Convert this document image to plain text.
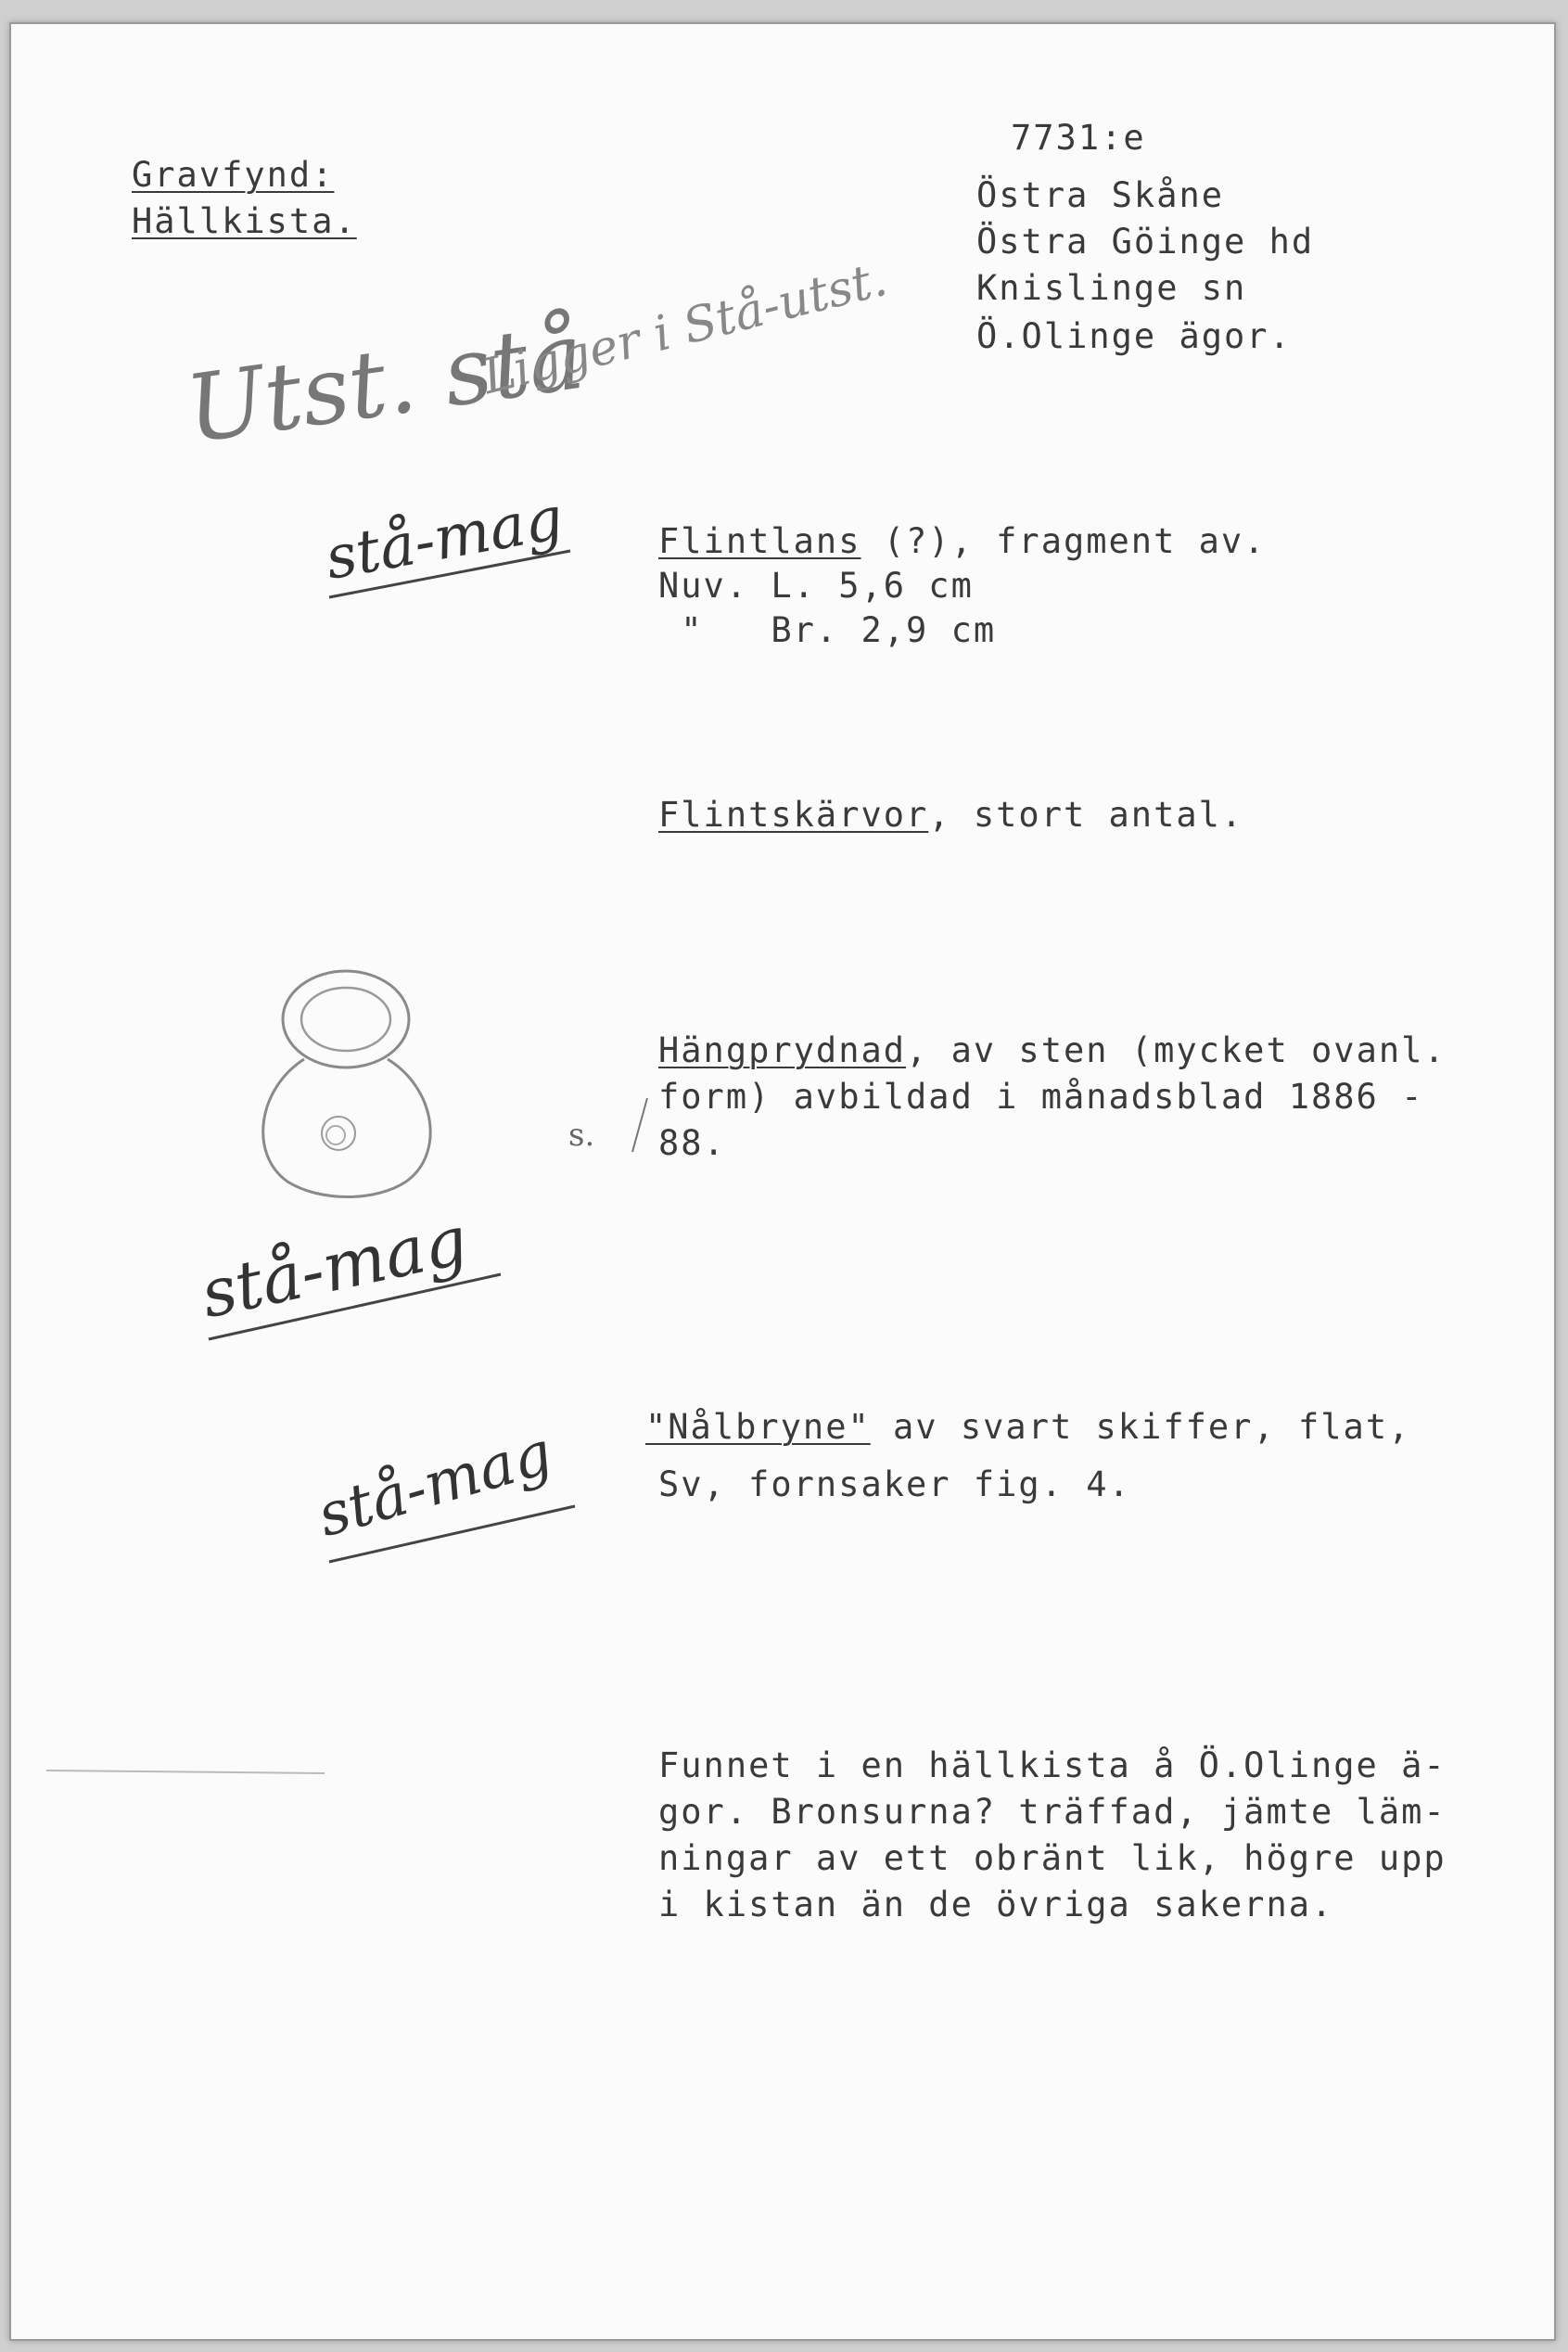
Gravfynd:
Hällkista.
7731:e
Östra Skåne
Östra Göinge hd
Knislinge sn
Ö.Olinge ägor.
Utst. stå
Ligger i Stå-utst.
stå-mag
stå-mag
stå-mag
s.
Flintlans (?), fragment av.
Nuv. L. 5,6 cm
"   Br. 2,9 cm
Flintskärvor, stort antal.
Hängprydnad, av sten (mycket ovanl.
form) avbildad i månadsblad 1886 -
88.
"Nålbryne" av svart skiffer, flat,
Sv, fornsaker fig. 4.
Funnet i en hällkista å Ö.Olinge ä-
gor. Bronsurna? träffad, jämte läm-
ningar av ett obränt lik, högre upp
i kistan än de övriga sakerna.
